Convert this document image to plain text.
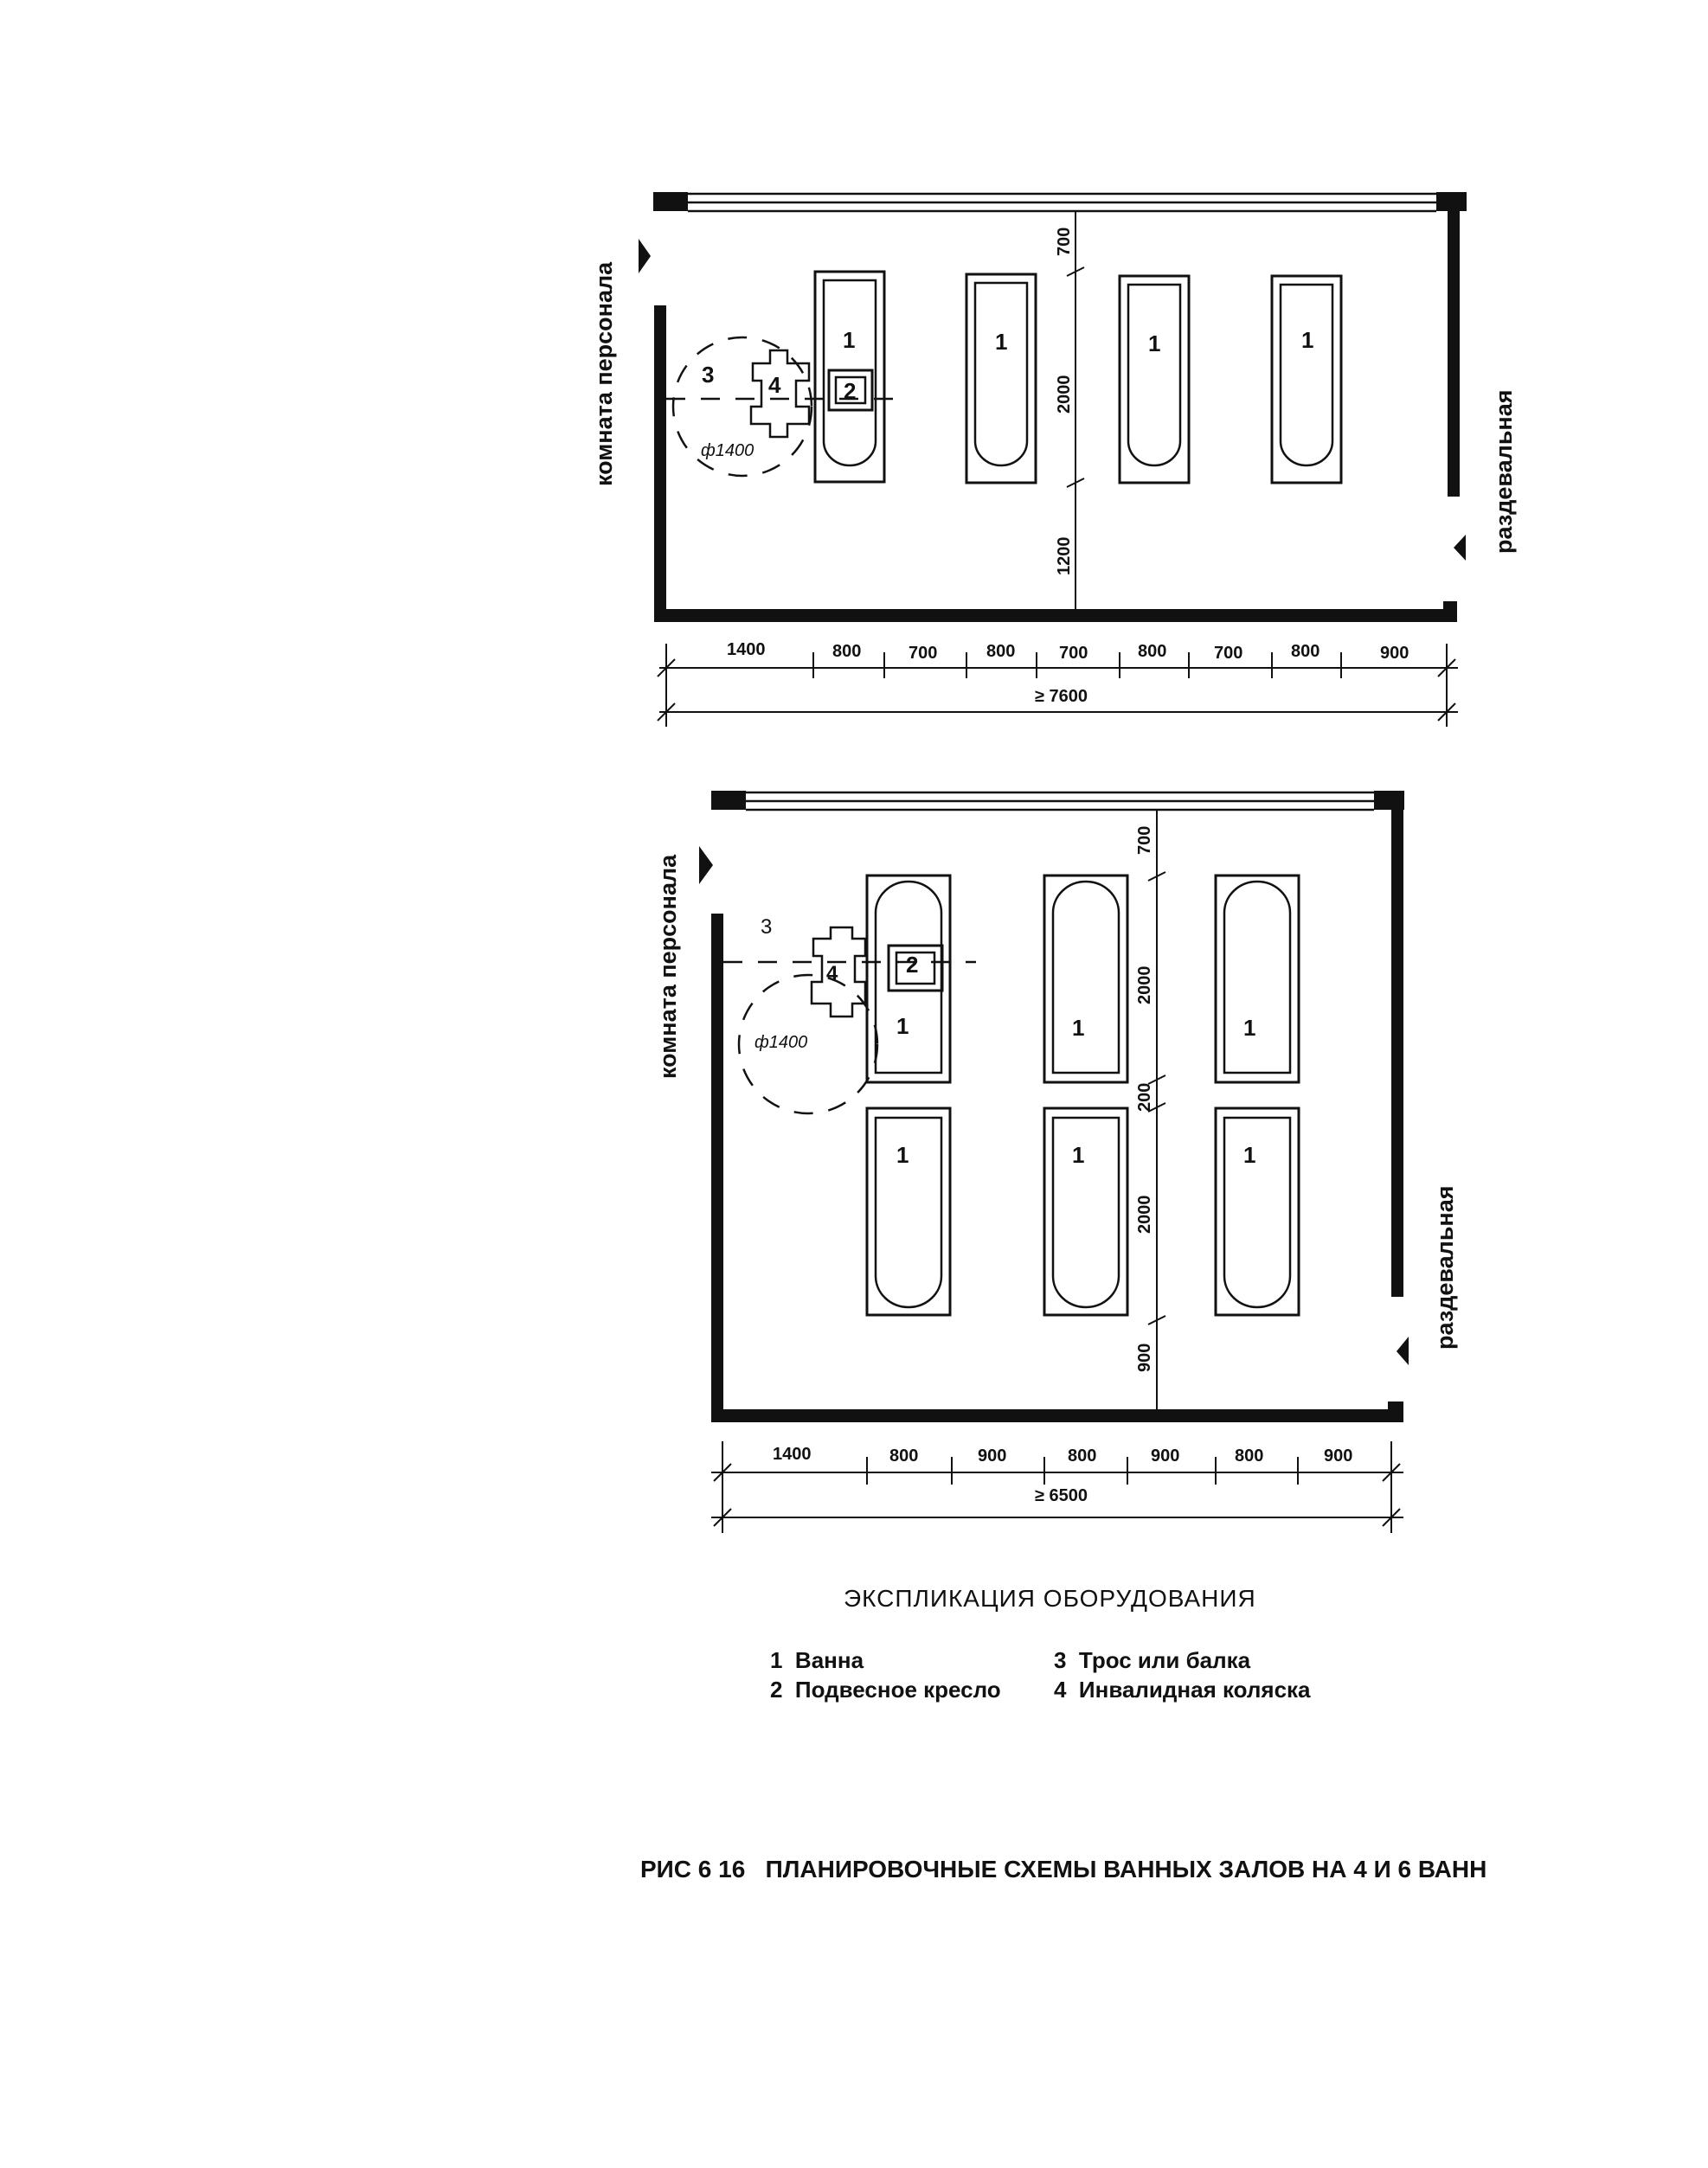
комната персонала	раздевальная
1	1	1	1
2
3 4
ф1400
700
2000
1200
1400	800	700	800	700	800	700	800	900
≥ 7600
комната персонала
раздевальная
1	1	1
1	1	1
2
3
4
ф1400
700
2000
200
2000
900
1400	800	900	800	900	800	900
≥ 6500
ЭКСПЛИКАЦИЯ ОБОРУДОВАНИЯ
1 Ванна
2 Подвесное кресло
3 Трос или балка
4 Инвалидная коляска
РИС 6 16   ПЛАНИРОВОЧНЫЕ СХЕМЫ ВАННЫХ ЗАЛОВ НА 4 И 6 ВАНН
